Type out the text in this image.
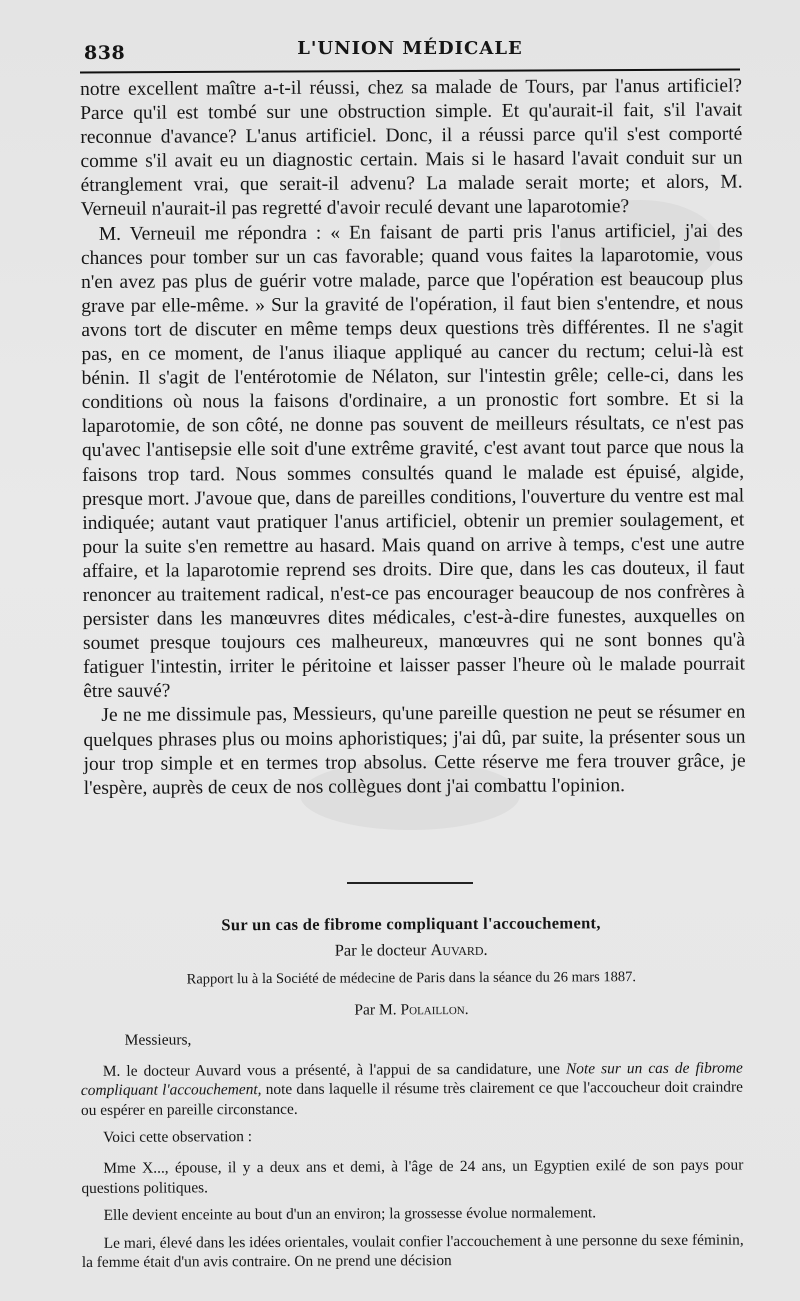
838	L'UNION MÉDICALE

notre excellent maître a-t-il réussi, chez sa malade de Tours, par l'anus artificiel? Parce qu'il est tombé sur une obstruction simple. Et qu'aurait-il fait, s'il l'avait reconnue d'avance? L'anus artificiel. Donc, il a réussi parce qu'il s'est comporté comme s'il avait eu un diagnostic certain. Mais si le hasard l'avait conduit sur un étranglement vrai, que serait-il advenu? La malade serait morte; et alors, M. Verneuil n'aurait-il pas regretté d'avoir reculé devant une laparotomie?

M. Verneuil me répondra : « En faisant de parti pris l'anus artificiel, j'ai des chances pour tomber sur un cas favorable; quand vous faites la laparotomie, vous n'en avez pas plus de guérir votre malade, parce que l'opération est beaucoup plus grave par elle-même. » Sur la gravité de l'opération, il faut bien s'entendre, et nous avons tort de discuter en même temps deux questions très différentes. Il ne s'agit pas, en ce moment, de l'anus iliaque appliqué au cancer du rectum; celui-là est bénin. Il s'agit de l'entérotomie de Nélaton, sur l'intestin grêle; celle-ci, dans les conditions où nous la faisons d'ordinaire, a un pronostic fort sombre. Et si la laparotomie, de son côté, ne donne pas souvent de meilleurs résultats, ce n'est pas qu'avec l'antisepsie elle soit d'une extrême gravité, c'est avant tout parce que nous la faisons trop tard. Nous sommes consultés quand le malade est épuisé, algide, presque mort. J'avoue que, dans de pareilles conditions, l'ouverture du ventre est mal indiquée; autant vaut pratiquer l'anus artificiel, obtenir un premier soulagement, et pour la suite s'en remettre au hasard. Mais quand on arrive à temps, c'est une autre affaire, et la laparotomie reprend ses droits. Dire que, dans les cas douteux, il faut renoncer au traitement radical, n'est-ce pas encourager beaucoup de nos confrères à persister dans les manœuvres dites médicales, c'est-à-dire funestes, auxquelles on soumet presque toujours ces malheureux, manœuvres qui ne sont bonnes qu'à fatiguer l'intestin, irriter le péritoine et laisser passer l'heure où le malade pourrait être sauvé?

Je ne me dissimule pas, Messieurs, qu'une pareille question ne peut se résumer en quelques phrases plus ou moins aphoristiques; j'ai dû, par suite, la présenter sous un jour trop simple et en termes trop absolus. Cette réserve me fera trouver grâce, je l'espère, auprès de ceux de nos collègues dont j'ai combattu l'opinion.

Sur un cas de fibrome compliquant l'accouchement,

Par le docteur Auvard.

Rapport lu à la Société de médecine de Paris dans la séance du 26 mars 1887.

Par M. Polaillon.

Messieurs,

M. le docteur Auvard vous a présenté, à l'appui de sa candidature, une Note sur un cas de fibrome compliquant l'accouchement, note dans laquelle il résume très clairement ce que l'accoucheur doit craindre ou espérer en pareille circonstance.

Voici cette observation :

Mme X..., épouse, il y a deux ans et demi, à l'âge de 24 ans, un Egyptien exilé de son pays pour questions politiques.

Elle devient enceinte au bout d'un an environ; la grossesse évolue normalement.

Le mari, élevé dans les idées orientales, voulait confier l'accouchement à une personne du sexe féminin, la femme était d'un avis contraire. On ne prend une décision
